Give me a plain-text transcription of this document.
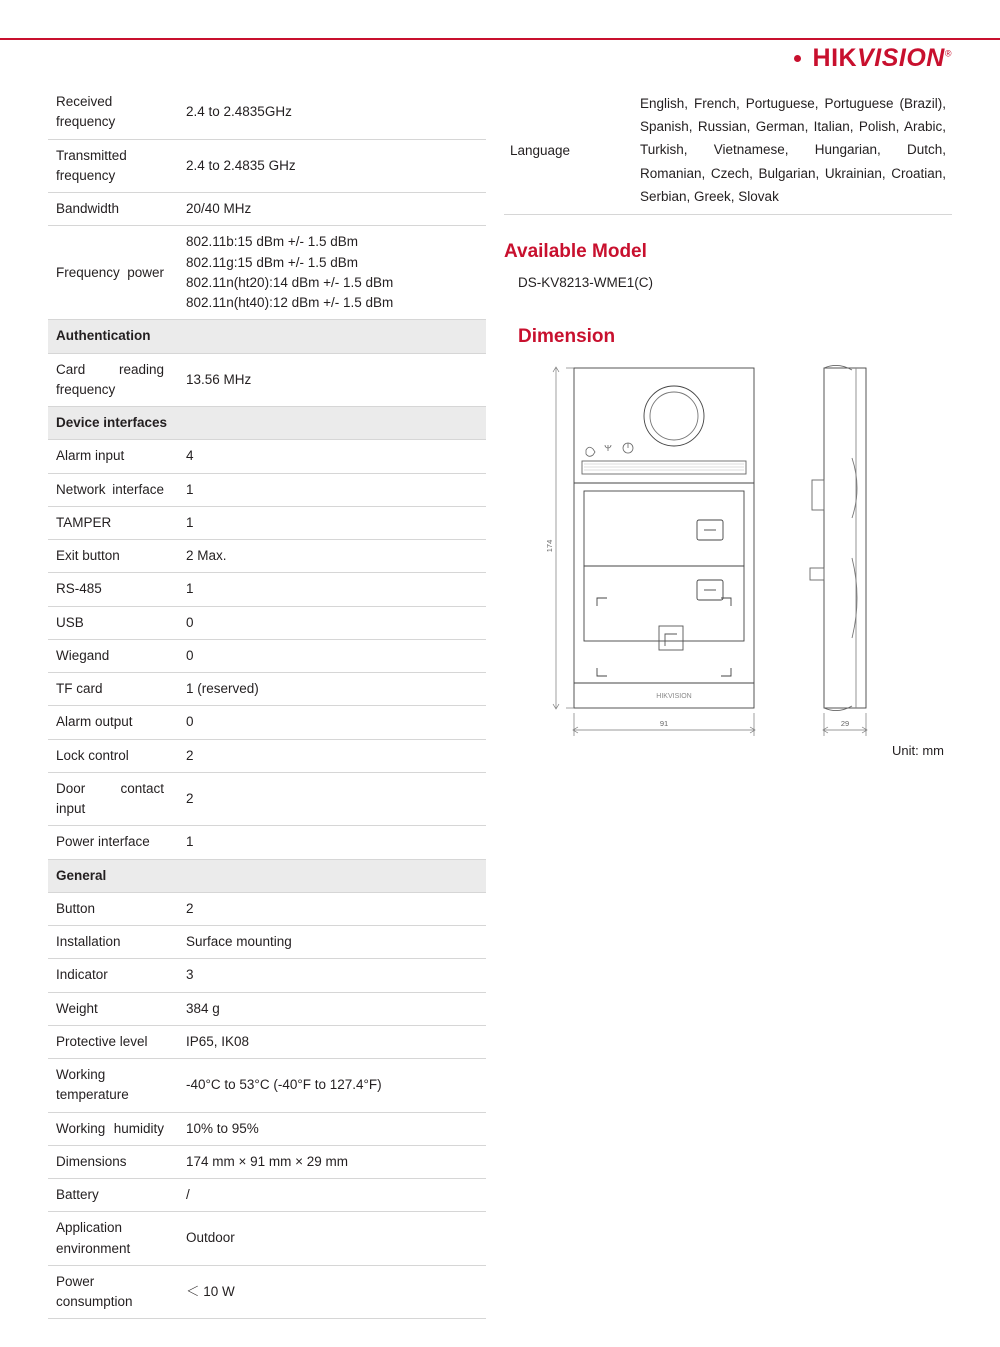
HIKVISION®
Received frequency	2.4 to 2.4835GHz
Transmitted frequency	2.4 to 2.4835 GHz
Bandwidth	20/40 MHz
Frequency power	802.11b:15 dBm +/- 1.5 dBm
802.11g:15 dBm +/- 1.5 dBm
802.11n(ht20):14 dBm +/- 1.5 dBm
802.11n(ht40):12 dBm +/- 1.5 dBm

Authentication	
Card reading frequency	13.56 MHz
Device interfaces	
Alarm input	4
Network interface	1
TAMPER	1
Exit button	2 Max.
RS-485	1
USB	0
Wiegand	0
TF card	1 (reserved)
Alarm output	0
Lock control	2
Door contact input	2
Power interface	1
General	
Button	2
Installation	Surface mounting
Indicator	3
Weight	384 g
Protective level	IP65, IK08
Working temperature	-40°C to 53°C (-40°F to 127.4°F)
Working humidity	10% to 95%
Dimensions	174 mm × 91 mm × 29 mm
Battery	/
Application environment	Outdoor
Power consumption	＜ 10 W
Language	English, French, Portuguese, Portuguese (Brazil), Spanish, Russian, German, Italian, Polish, Arabic, Turkish, Vietnamese, Hungarian, Dutch, Romanian, Czech, Bulgarian, Ukrainian, Croatian, Serbian, Greek, Slovak
Available Model
DS-KV8213-WME1(C)
Dimension
HIKVISION
174
91	29
Unit: mm
